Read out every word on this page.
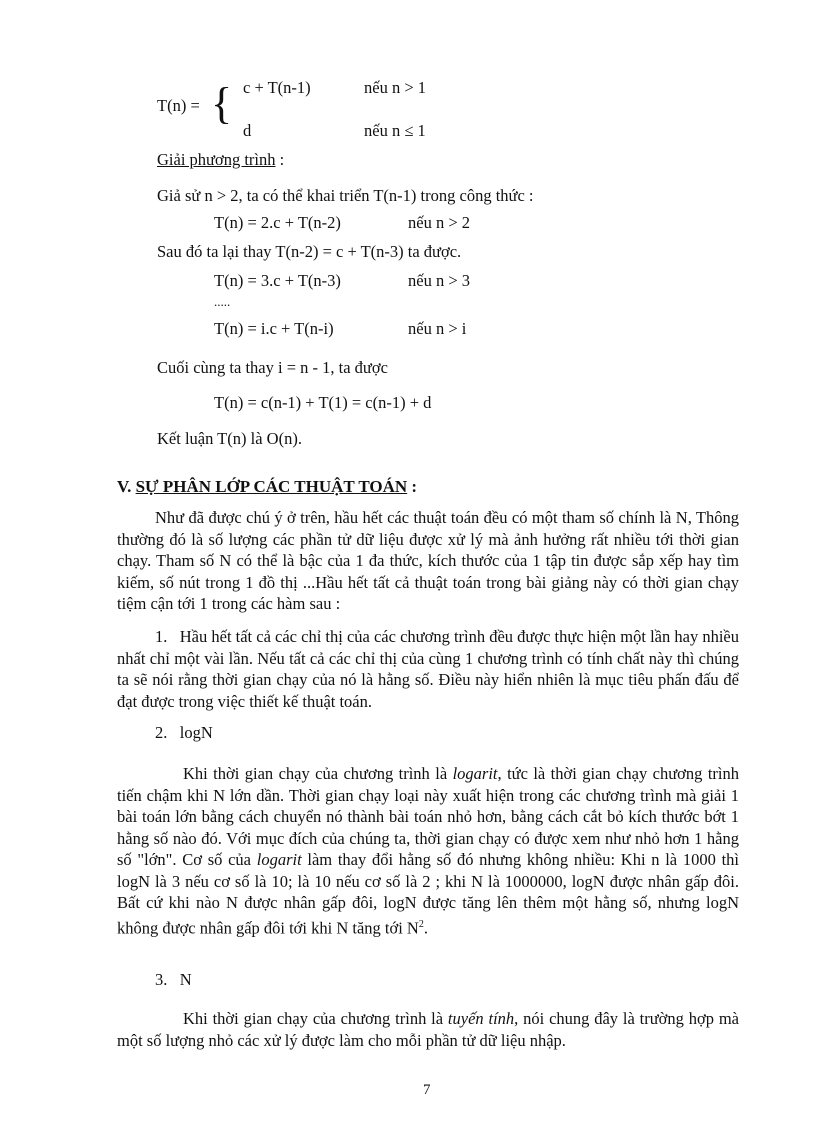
T(n) = { c + T(n-1)	nếu n > 1
d	nếu n ≤ 1
Giải phương trình :
Giả sử n > 2, ta có thể khai triển T(n-1) trong công thức :
T(n) = 2.c + T(n-2)	nếu n > 2
Sau đó ta lại thay T(n-2) = c + T(n-3) ta được.
T(n) = 3.c + T(n-3)	nếu n > 3
.....
T(n) = i.c + T(n-i)	nếu n > i
Cuối cùng ta thay i = n - 1, ta được
T(n) = c(n-1) + T(1) = c(n-1) + d
Kết luận T(n) là O(n).
V. SỰ PHÂN LỚP CÁC THUẬT TOÁN :
Như đã được chú ý ở trên, hầu hết các thuật toán đều có một tham số chính là N, Thông thường đó là số lượng các phần tử dữ liệu được xử lý mà ảnh hưởng rất nhiều tới thời gian chạy. Tham số N có thể là bậc của 1 đa thức, kích thước của 1 tập tin được sắp xếp hay tìm kiếm, số nút trong 1 đồ thị ...Hầu hết tất cả thuật toán trong bài giảng này có thời gian chạy tiệm cận tới 1 trong các hàm sau :
1. Hầu hết tất cả các chỉ thị của các chương trình đều được thực hiện một lần hay nhiều nhất chỉ một vài lần. Nếu tất cả các chỉ thị của cùng 1 chương trình có tính chất này thì chúng ta sẽ nói rằng thời gian chạy của nó là hằng số. Điều này hiển nhiên là mục tiêu phấn đấu để đạt được trong việc thiết kế thuật toán.
2. logN
Khi thời gian chạy của chương trình là logarit, tức là thời gian chạy chương trình tiến chậm khi N lớn dần. Thời gian chạy loại này xuất hiện trong các chương trình mà giải 1 bài toán lớn bằng cách chuyển nó thành bài toán nhỏ hơn, bằng cách cắt bỏ kích thước bớt 1 hằng số nào đó. Với mục đích của chúng ta, thời gian chạy có được xem như nhỏ hơn 1 hằng số "lớn". Cơ số của logarit làm thay đổi hằng số đó nhưng không nhiều: Khi n là 1000 thì logN là 3 nếu cơ số là 10; là 10 nếu cơ số là 2 ; khi N là 1000000, logN được nhân gấp đôi. Bất cứ khi nào N được nhân gấp đôi, logN được tăng lên thêm một hằng số, nhưng logN không được nhân gấp đôi tới khi N tăng tới $N^2$.
3. N
Khi thời gian chạy của chương trình là tuyến tính, nói chung đây là trường hợp mà một số lượng nhỏ các xử lý được làm cho mỗi phần tử dữ liệu nhập.
7
